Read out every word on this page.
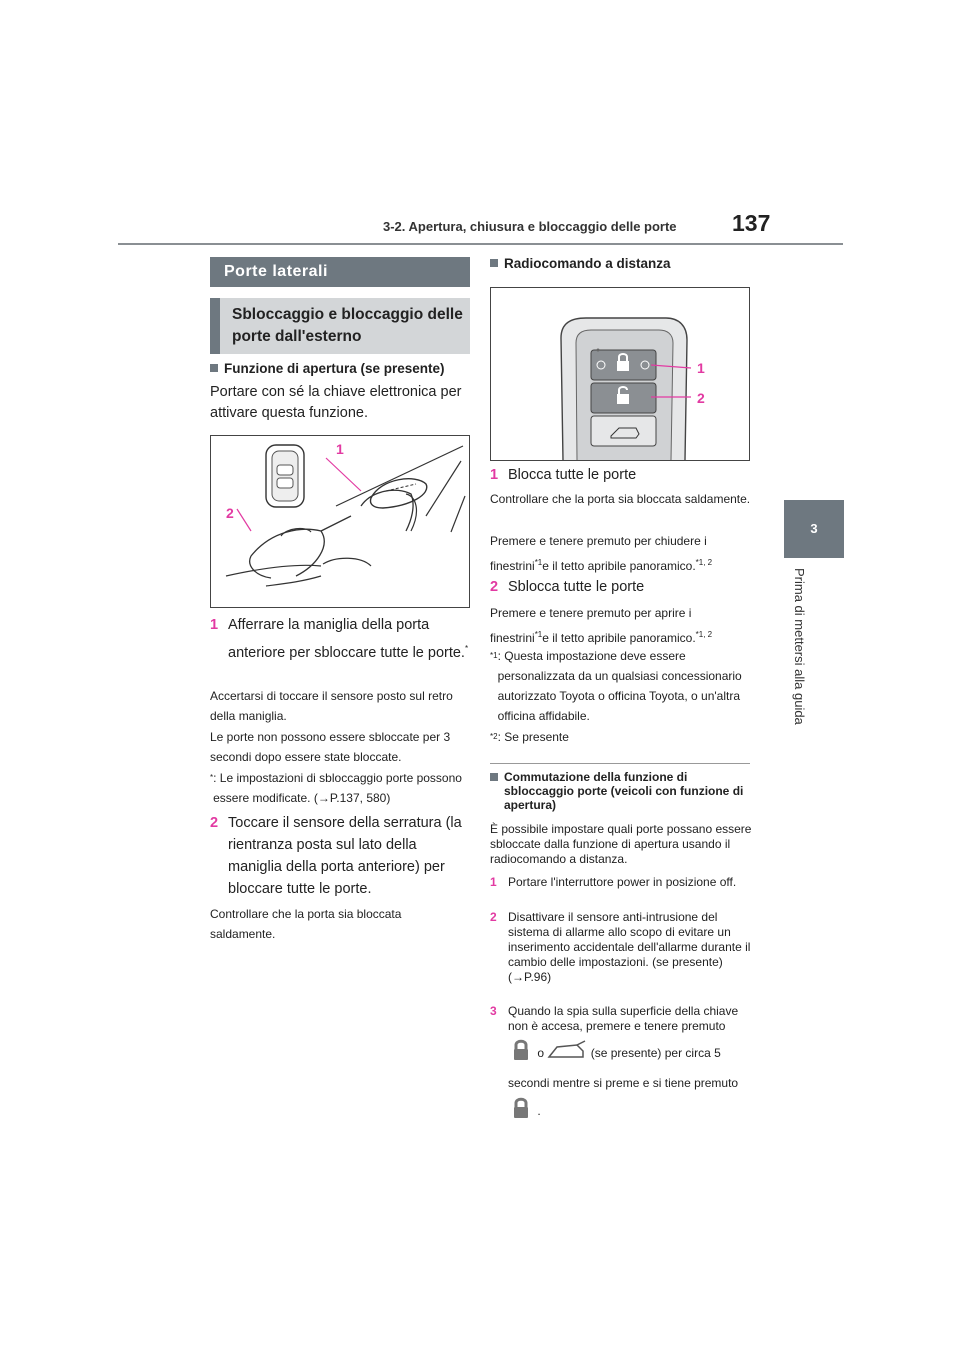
3-2. Apertura, chiusura e bloccaggio delle porte 137
3
Prima di mettersi alla guida
Porte laterali
Sbloccaggio e bloccaggio delle porte dall'esterno
Funzione di apertura (se presente)
Portare con sé la chiave elettronica per attivare questa funzione.
1
2
1 Afferrare la maniglia della porta anteriore per sbloccare tutte le porte.*
Accertarsi di toccare il sensore posto sul retro della maniglia.
Le porte non possono essere sbloccate per 3 secondi dopo essere state bloccate.
* : Le impostazioni di sbloccaggio porte possono essere modificate. (→P.137, 580)
2 Toccare il sensore della serratura (la rientranza posta sul lato della maniglia della porta anteriore) per bloccare tutte le porte.
Controllare che la porta sia bloccata saldamente.
Radiocomando a distanza
1
2
1 Blocca tutte le porte
Controllare che la porta sia bloccata saldamente.
Premere e tenere premuto per chiudere i finestrini$^{*1}$e il tetto apribile panoramico.$^{*1, 2}$
2 Sblocca tutte le porte
Premere e tenere premuto per aprire i finestrini$^{*1}$e il tetto apribile panoramico.$^{*1, 2}$
*1 : Questa impostazione deve essere personalizzata da un qualsiasi concessionario autorizzato Toyota o officina Toyota, o un'altra officina affidabile.
*2 : Se presente
Commutazione della funzione di sbloccaggio porte (veicoli con funzione di apertura)
È possibile impostare quali porte possano essere sbloccate dalla funzione di apertura usando il radiocomando a distanza.
1 Portare l'interruttore power in posizione off.
2 Disattivare il sensore anti-intrusione del sistema di allarme allo scopo di evitare un inserimento accidentale dell'allarme durante il cambio delle impostazioni. (se presente) (→P.96)
3 Quando la spia sulla superficie della chiave non è accesa, premere e tenere premuto
o	(se presente) per circa 5 secondi mentre si preme e si tiene premuto  .
